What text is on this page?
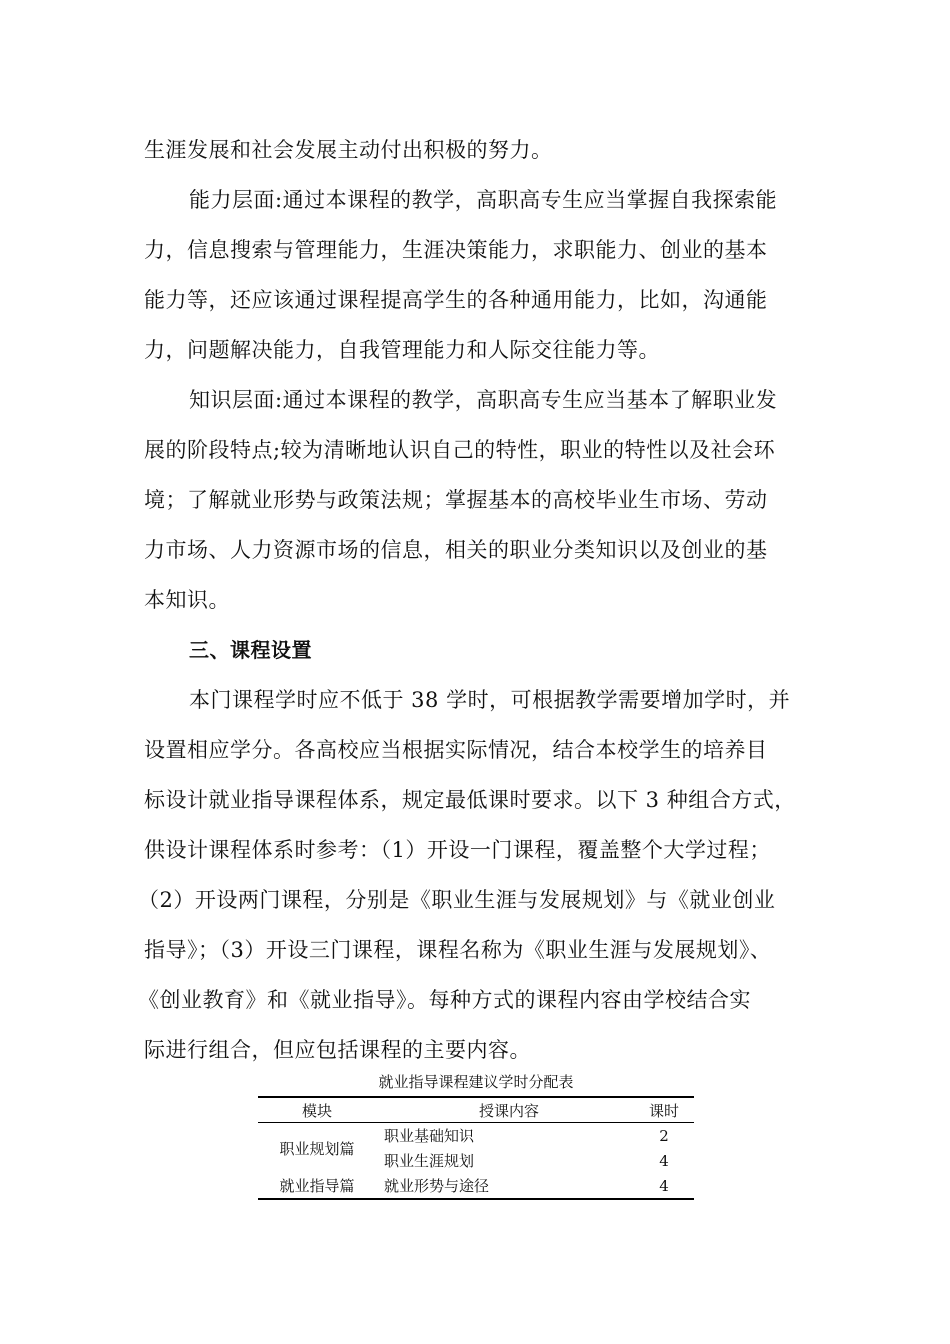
生涯发展和社会发展主动付出积极的努力。
能力层面:通过本课程的教学，高职高专生应当掌握自我探索能
力，信息搜索与管理能力，生涯决策能力，求职能力、创业的基本
能力等，还应该通过课程提高学生的各种通用能力，比如，沟通能
力，问题解决能力，自我管理能力和人际交往能力等。
知识层面:通过本课程的教学，高职高专生应当基本了解职业发
展的阶段特点;较为清晰地认识自己的特性，职业的特性以及社会环
境；了解就业形势与政策法规；掌握基本的高校毕业生市场、劳动
力市场、人力资源市场的信息，相关的职业分类知识以及创业的基
本知识。
三、课程设置
本门课程学时应不低于 38 学时，可根据教学需要增加学时，并
设置相应学分。各高校应当根据实际情况，结合本校学生的培养目
标设计就业指导课程体系，规定最低课时要求。以下 3 种组合方式，
供设计课程体系时参考：（1）开设一门课程，覆盖整个大学过程；
（2）开设两门课程，分别是《职业生涯与发展规划》与《就业创业
指导》；（3）开设三门课程，课程名称为《职业生涯与发展规划》、
《创业教育》和《就业指导》。每种方式的课程内容由学校结合实
际进行组合，但应包括课程的主要内容。
就业指导课程建议学时分配表
模块	授课内容	课时
职业规划篇	职业基础知识	2
	职业生涯规划	4
就业指导篇	就业形势与途径	4
